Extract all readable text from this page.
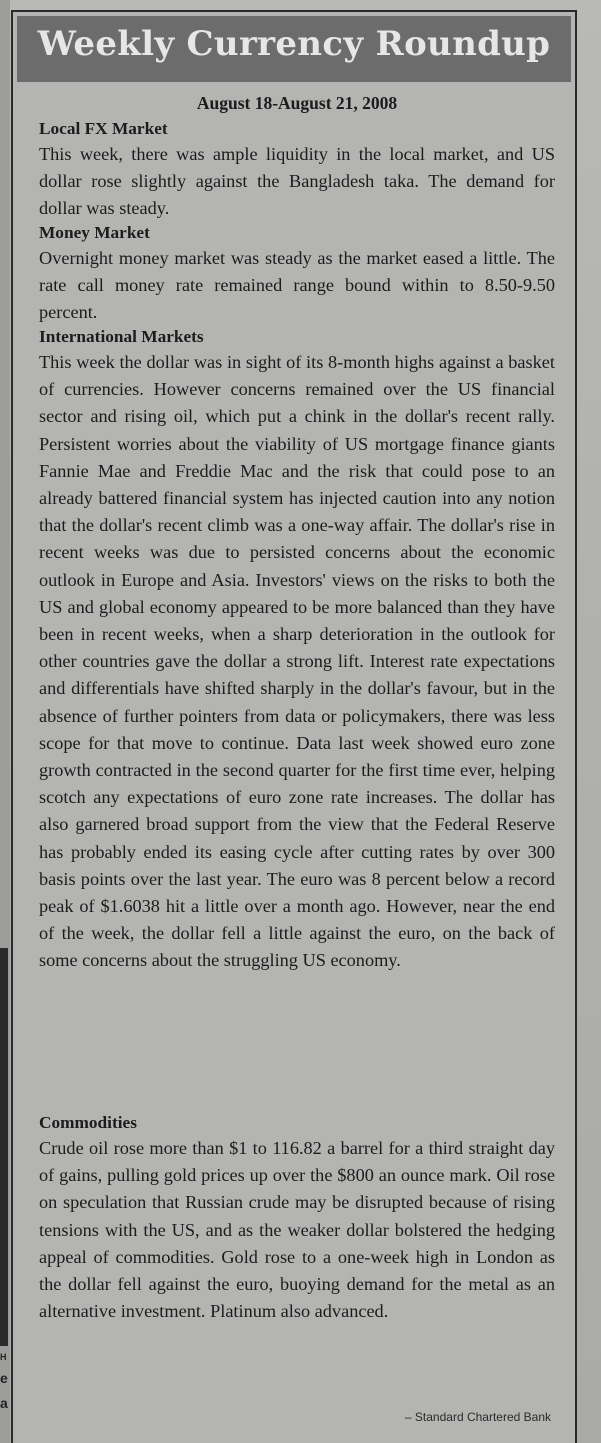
H
e
a
Weekly Currency Roundup
August 18-August 21, 2008
Local FX Market

This week, there was ample liquidity in the local market, and US dollar rose slightly against the Bangladesh taka. The demand for dollar was steady.

Money Market

Overnight money market was steady as the market eased a little. The rate call money rate remained range bound within to 8.50-9.50 percent.

International Markets

This week the dollar was in sight of its 8-month highs against a basket of currencies. However concerns remained over the US financial sector and rising oil, which put a chink in the dollar's recent rally. Persistent worries about the viability of US mortgage finance giants Fannie Mae and Freddie Mac and the risk that could pose to an already battered financial system has injected caution into any notion that the dollar's recent climb was a one-way affair. The dollar's rise in recent weeks was due to persisted concerns about the economic outlook in Europe and Asia. Investors' views on the risks to both the US and global economy appeared to be more balanced than they have been in recent weeks, when a sharp deterioration in the outlook for other countries gave the dollar a strong lift. Interest rate expectations and differentials have shifted sharply in the dollar's favour, but in the absence of further pointers from data or policymakers, there was less scope for that move to continue. Data last week showed euro zone growth contracted in the second quarter for the first time ever, helping scotch any expectations of euro zone rate increases. The dollar has also garnered broad support from the view that the Federal Reserve has probably ended its easing cycle after cutting rates by over 300 basis points over the last year. The euro was 8 percent below a record peak of $1.6038 hit a little over a month ago. However, near the end of the week, the dollar fell a little against the euro, on the back of some concerns about the struggling US economy.

Commodities

Crude oil rose more than $1 to 116.82 a barrel for a third straight day of gains, pulling gold prices up over the $800 an ounce mark. Oil rose on speculation that Russian crude may be disrupted because of rising tensions with the US, and as the weaker dollar bolstered the hedging appeal of commodities. Gold rose to a one-week high in London as the dollar fell against the euro, buoying demand for the metal as an alternative investment. Platinum also advanced.

– Standard Chartered Bank
